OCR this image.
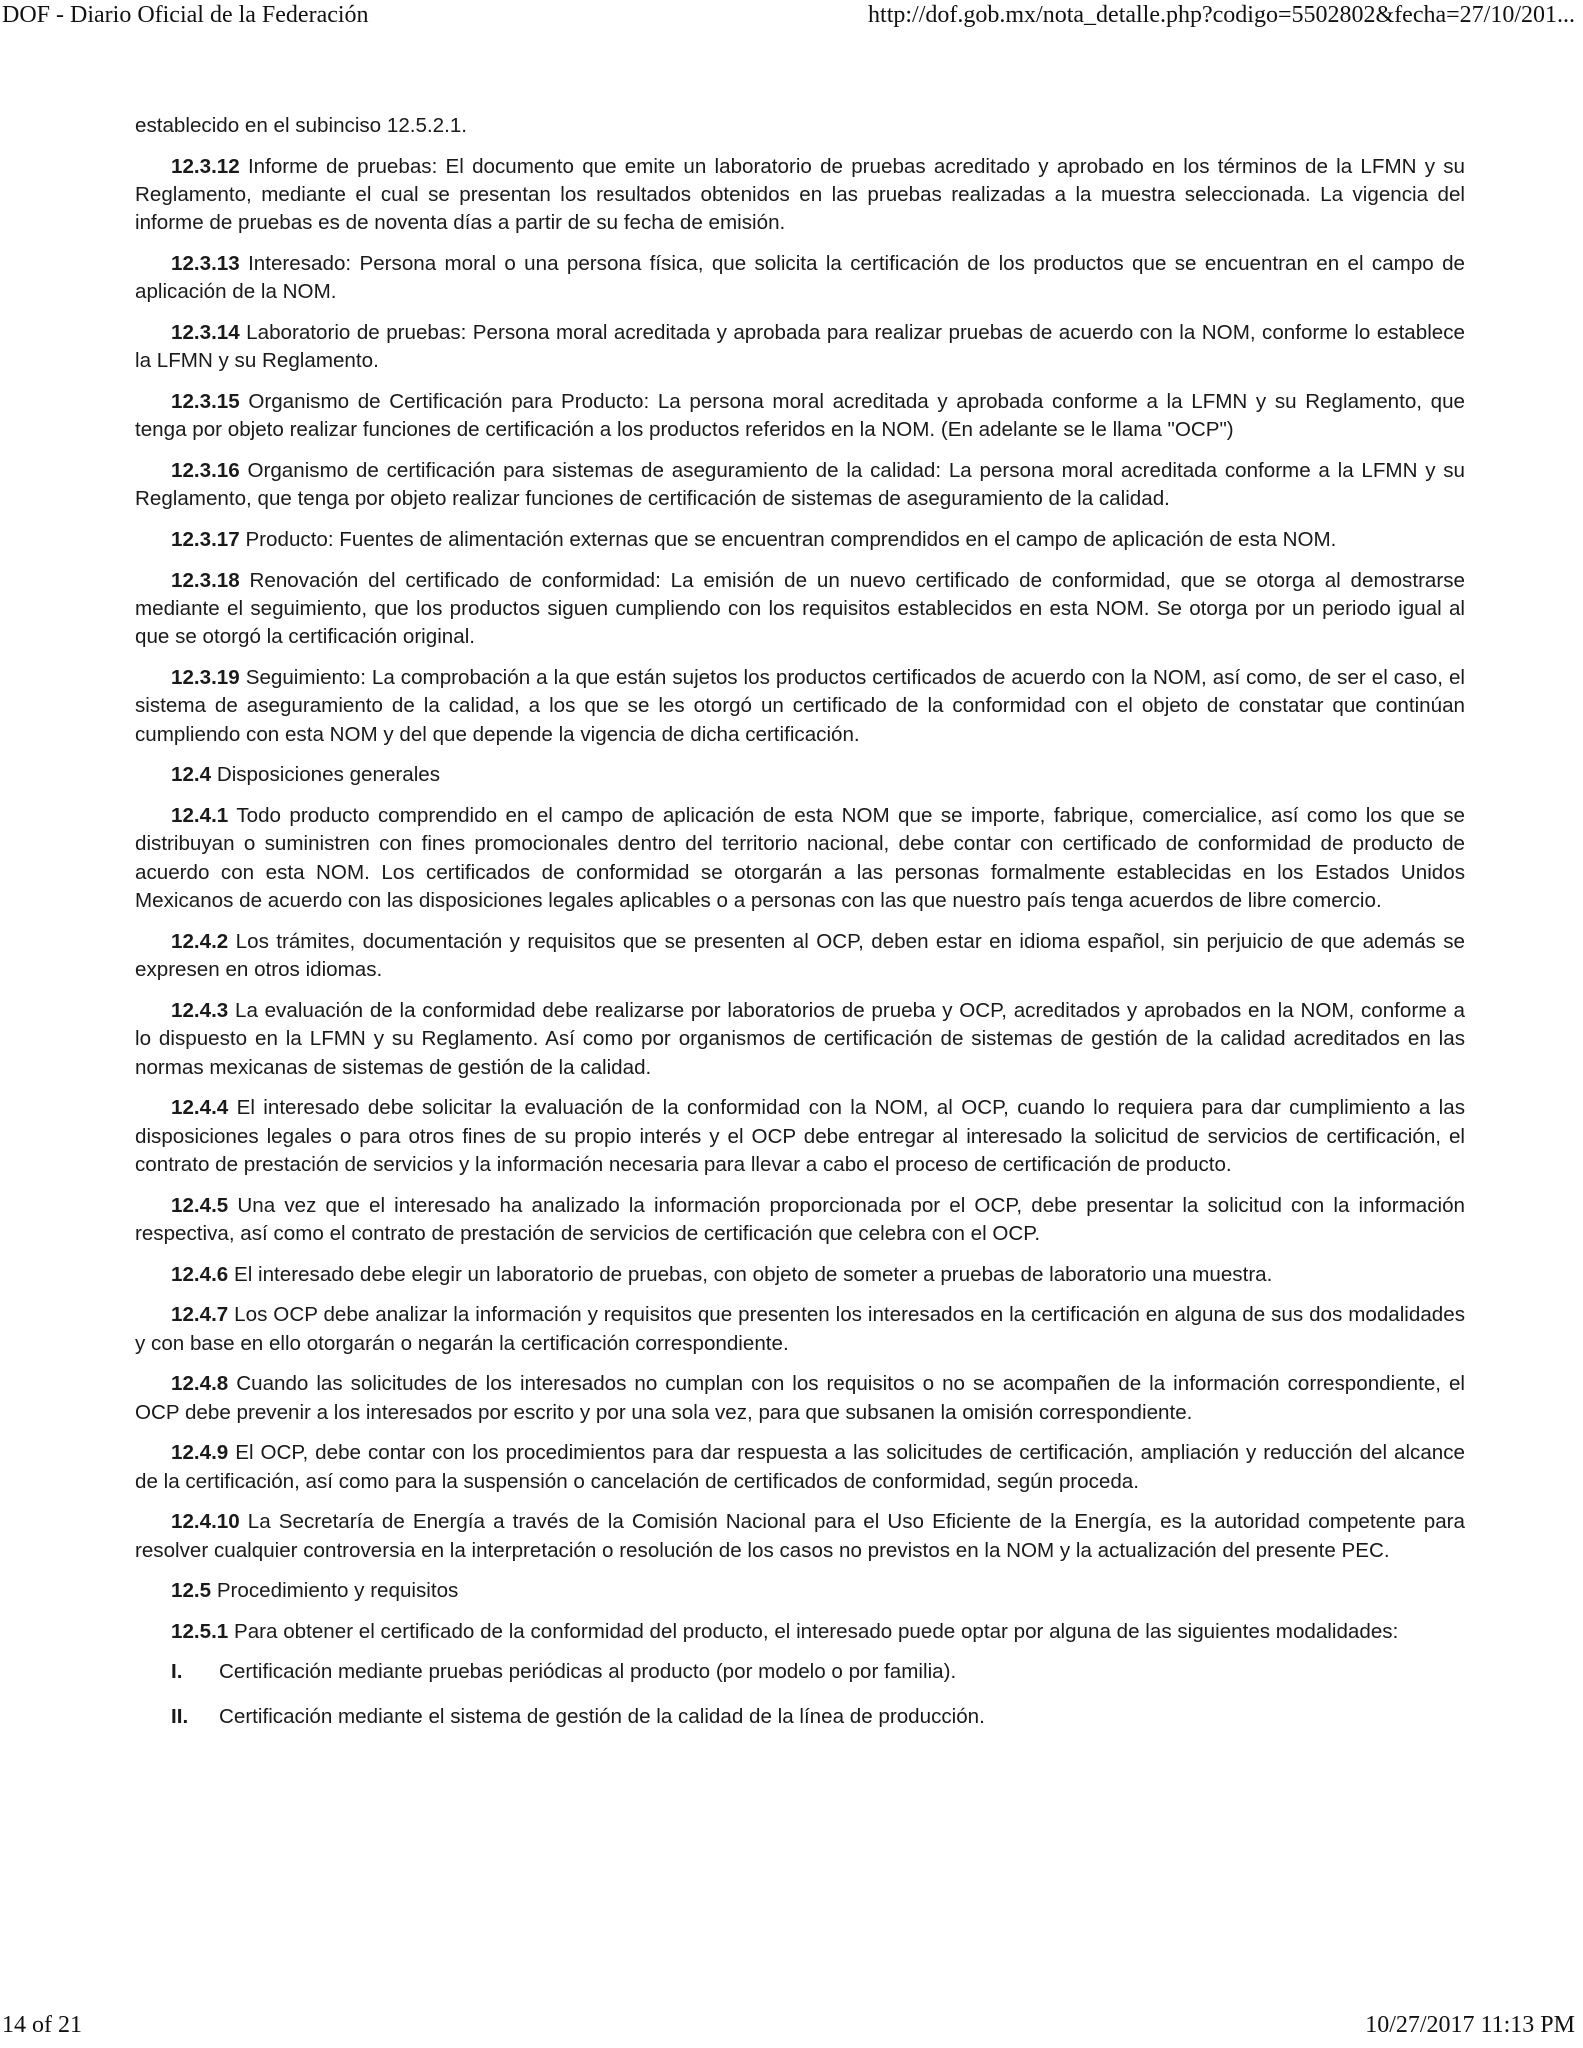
DOF - Diario Oficial de la Federación	http://dof.gob.mx/nota_detalle.php?codigo=5502802&fecha=27/10/201...

establecido en el subinciso 12.5.2.1.

12.3.12 Informe de pruebas: El documento que emite un laboratorio de pruebas acreditado y aprobado en los términos de la LFMN y su Reglamento, mediante el cual se presentan los resultados obtenidos en las pruebas realizadas a la muestra seleccionada. La vigencia del informe de pruebas es de noventa días a partir de su fecha de emisión.

12.3.13 Interesado: Persona moral o una persona física, que solicita la certificación de los productos que se encuentran en el campo de aplicación de la NOM.

12.3.14 Laboratorio de pruebas: Persona moral acreditada y aprobada para realizar pruebas de acuerdo con la NOM, conforme lo establece la LFMN y su Reglamento.

12.3.15 Organismo de Certificación para Producto: La persona moral acreditada y aprobada conforme a la LFMN y su Reglamento, que tenga por objeto realizar funciones de certificación a los productos referidos en la NOM. (En adelante se le llama "OCP")

12.3.16 Organismo de certificación para sistemas de aseguramiento de la calidad: La persona moral acreditada conforme a la LFMN y su Reglamento, que tenga por objeto realizar funciones de certificación de sistemas de aseguramiento de la calidad.

12.3.17 Producto: Fuentes de alimentación externas que se encuentran comprendidos en el campo de aplicación de esta NOM.

12.3.18 Renovación del certificado de conformidad: La emisión de un nuevo certificado de conformidad, que se otorga al demostrarse mediante el seguimiento, que los productos siguen cumpliendo con los requisitos establecidos en esta NOM. Se otorga por un periodo igual al que se otorgó la certificación original.

12.3.19 Seguimiento: La comprobación a la que están sujetos los productos certificados de acuerdo con la NOM, así como, de ser el caso, el sistema de aseguramiento de la calidad, a los que se les otorgó un certificado de la conformidad con el objeto de constatar que continúan cumpliendo con esta NOM y del que depende la vigencia de dicha certificación.

12.4 Disposiciones generales

12.4.1 Todo producto comprendido en el campo de aplicación de esta NOM que se importe, fabrique, comercialice, así como los que se distribuyan o suministren con fines promocionales dentro del territorio nacional, debe contar con certificado de conformidad de producto de acuerdo con esta NOM. Los certificados de conformidad se otorgarán a las personas formalmente establecidas en los Estados Unidos Mexicanos de acuerdo con las disposiciones legales aplicables o a personas con las que nuestro país tenga acuerdos de libre comercio.

12.4.2 Los trámites, documentación y requisitos que se presenten al OCP, deben estar en idioma español, sin perjuicio de que además se expresen en otros idiomas.

12.4.3 La evaluación de la conformidad debe realizarse por laboratorios de prueba y OCP, acreditados y aprobados en la NOM, conforme a lo dispuesto en la LFMN y su Reglamento. Así como por organismos de certificación de sistemas de gestión de la calidad acreditados en las normas mexicanas de sistemas de gestión de la calidad.

12.4.4 El interesado debe solicitar la evaluación de la conformidad con la NOM, al OCP, cuando lo requiera para dar cumplimiento a las disposiciones legales o para otros fines de su propio interés y el OCP debe entregar al interesado la solicitud de servicios de certificación, el contrato de prestación de servicios y la información necesaria para llevar a cabo el proceso de certificación de producto.

12.4.5 Una vez que el interesado ha analizado la información proporcionada por el OCP, debe presentar la solicitud con la información respectiva, así como el contrato de prestación de servicios de certificación que celebra con el OCP.

12.4.6 El interesado debe elegir un laboratorio de pruebas, con objeto de someter a pruebas de laboratorio una muestra.

12.4.7 Los OCP debe analizar la información y requisitos que presenten los interesados en la certificación en alguna de sus dos modalidades y con base en ello otorgarán o negarán la certificación correspondiente.

12.4.8 Cuando las solicitudes de los interesados no cumplan con los requisitos o no se acompañen de la información correspondiente, el OCP debe prevenir a los interesados por escrito y por una sola vez, para que subsanen la omisión correspondiente.

12.4.9 El OCP, debe contar con los procedimientos para dar respuesta a las solicitudes de certificación, ampliación y reducción del alcance de la certificación, así como para la suspensión o cancelación de certificados de conformidad, según proceda.

12.4.10 La Secretaría de Energía a través de la Comisión Nacional para el Uso Eficiente de la Energía, es la autoridad competente para resolver cualquier controversia en la interpretación o resolución de los casos no previstos en la NOM y la actualización del presente PEC.

12.5 Procedimiento y requisitos

12.5.1 Para obtener el certificado de la conformidad del producto, el interesado puede optar por alguna de las siguientes modalidades:

I.	Certificación mediante pruebas periódicas al producto (por modelo o por familia).
II.	Certificación mediante el sistema de gestión de la calidad de la línea de producción.
14 of 21	10/27/2017 11:13 PM
